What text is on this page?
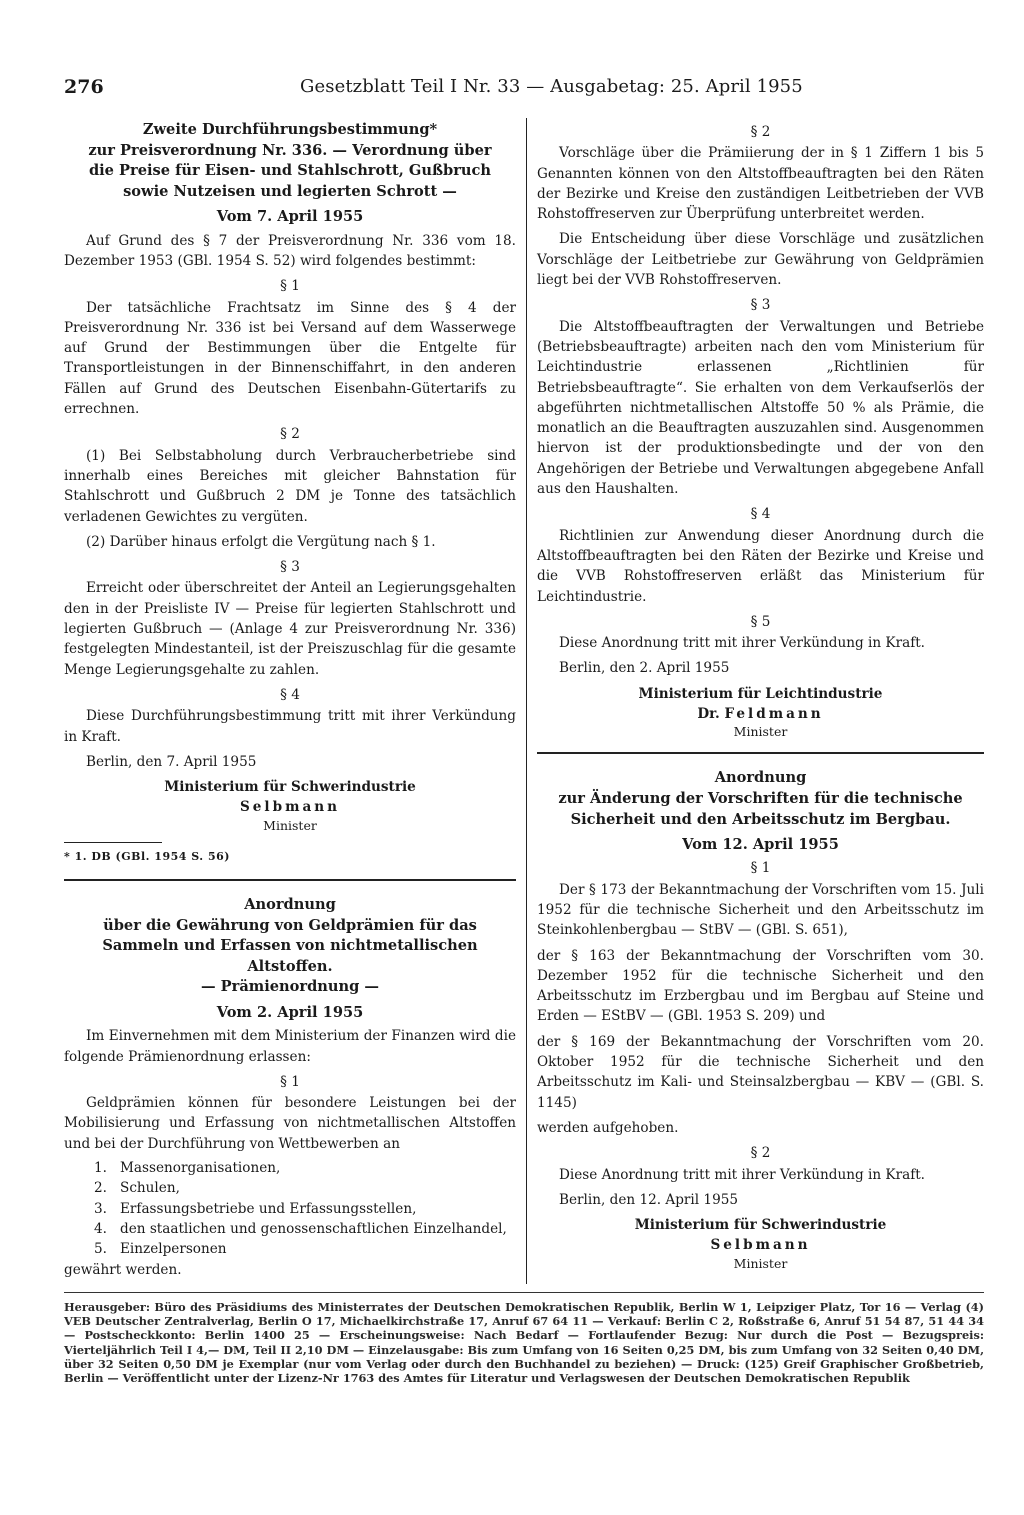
276	Gesetzblatt Teil I Nr. 33 — Ausgabetag: 25. April 1955
Zweite Durchführungsbestimmung*
zur Preisverordnung Nr. 336. — Verordnung über
die Preise für Eisen- und Stahlschrott, Gußbruch
sowie Nutzeisen und legierten Schrott —
Vom 7. April 1955

Auf Grund des § 7 der Preisverordnung Nr. 336 vom 18. Dezember 1953 (GBl. 1954 S. 52) wird folgendes bestimmt:

§ 1

Der tatsächliche Frachtsatz im Sinne des § 4 der Preisverordnung Nr. 336 ist bei Versand auf dem Wasserwege auf Grund der Bestimmungen über die Entgelte für Transportleistungen in der Binnenschiffahrt, in den anderen Fällen auf Grund des Deutschen Eisenbahn-Gütertarifs zu errechnen.

§ 2

(1) Bei Selbstabholung durch Verbraucherbetriebe sind innerhalb eines Bereiches mit gleicher Bahnstation für Stahlschrott und Gußbruch 2 DM je Tonne des tatsächlich verladenen Gewichtes zu vergüten.

(2) Darüber hinaus erfolgt die Vergütung nach § 1.

§ 3

Erreicht oder überschreitet der Anteil an Legierungsgehalten den in der Preisliste IV — Preise für legierten Stahlschrott und legierten Gußbruch — (Anlage 4 zur Preisverordnung Nr. 336) festgelegten Mindestanteil, ist der Preiszuschlag für die gesamte Menge Legierungsgehalte zu zahlen.

§ 4

Diese Durchführungsbestimmung tritt mit ihrer Verkündung in Kraft.

Berlin, den 7. April 1955

Ministerium für Schwerindustrie
Selbmann
Minister
* 1. DB (GBl. 1954 S. 56)
Anordnung
über die Gewährung von Geldprämien für das
Sammeln und Erfassen von nichtmetallischen
Altstoffen.
— Prämienordnung —
Vom 2. April 1955

Im Einvernehmen mit dem Ministerium der Finanzen wird die folgende Prämienordnung erlassen:

§ 1

Geldprämien können für besondere Leistungen bei der Mobilisierung und Erfassung von nichtmetallischen Altstoffen und bei der Durchführung von Wettbewerben an

1. Massenorganisationen,
2. Schulen,
3. Erfassungsbetriebe und Erfassungsstellen,
4. den staatlichen und genossenschaftlichen Einzelhandel,
5. Einzelpersonen

gewährt werden.

§ 2

Vorschläge über die Prämiierung der in § 1 Ziffern 1 bis 5 Genannten können von den Altstoffbeauftragten bei den Räten der Bezirke und Kreise den zuständigen Leitbetrieben der VVB Rohstoffreserven zur Überprüfung unterbreitet werden.

Die Entscheidung über diese Vorschläge und zusätzlichen Vorschläge der Leitbetriebe zur Gewährung von Geldprämien liegt bei der VVB Rohstoffreserven.

§ 3

Die Altstoffbeauftragten der Verwaltungen und Betriebe (Betriebsbeauftragte) arbeiten nach den vom Ministerium für Leichtindustrie erlassenen „Richtlinien für Betriebsbeauftragte“. Sie erhalten von dem Verkaufserlös der abgeführten nichtmetallischen Altstoffe 50 % als Prämie, die monatlich an die Beauftragten auszuzahlen sind. Ausgenommen hiervon ist der produktionsbedingte und der von den Angehörigen der Betriebe und Verwaltungen abgegebene Anfall aus den Haushalten.

§ 4

Richtlinien zur Anwendung dieser Anordnung durch die Altstoffbeauftragten bei den Räten der Bezirke und Kreise und die VVB Rohstoffreserven erläßt das Ministerium für Leichtindustrie.

§ 5

Diese Anordnung tritt mit ihrer Verkündung in Kraft.

Berlin, den 2. April 1955

Ministerium für Leichtindustrie
Dr. Feldmann
Minister
Anordnung
zur Änderung der Vorschriften für die technische
Sicherheit und den Arbeitsschutz im Bergbau.
Vom 12. April 1955
§ 1

Der § 173 der Bekanntmachung der Vorschriften vom 15. Juli 1952 für die technische Sicherheit und den Arbeitsschutz im Steinkohlenbergbau — StBV — (GBl. S. 651),

der § 163 der Bekanntmachung der Vorschriften vom 30. Dezember 1952 für die technische Sicherheit und den Arbeitsschutz im Erzbergbau und im Bergbau auf Steine und Erden — EStBV — (GBl. 1953 S. 209) und

der § 169 der Bekanntmachung der Vorschriften vom 20. Oktober 1952 für die technische Sicherheit und den Arbeitsschutz im Kali- und Steinsalzbergbau — KBV — (GBl. S. 1145)

werden aufgehoben.

§ 2

Diese Anordnung tritt mit ihrer Verkündung in Kraft.

Berlin, den 12. April 1955

Ministerium für Schwerindustrie
Selbmann
Minister
Herausgeber: Büro des Präsidiums des Ministerrates der Deutschen Demokratischen Republik, Berlin W 1, Leipziger Platz, Tor 16 — Verlag (4) VEB Deutscher Zentralverlag, Berlin O 17, Michaelkirchstraße 17, Anruf 67 64 11 — Verkauf: Berlin C 2, Roßstraße 6, Anruf 51 54 87, 51 44 34 — Postscheckkonto: Berlin 1400 25 — Erscheinungsweise: Nach Bedarf — Fortlaufender Bezug: Nur durch die Post — Bezugspreis: Vierteljährlich Teil I 4,— DM, Teil II 2,10 DM — Einzelausgabe: Bis zum Umfang von 16 Seiten 0,25 DM, bis zum Umfang von 32 Seiten 0,40 DM, über 32 Seiten 0,50 DM je Exemplar (nur vom Verlag oder durch den Buchhandel zu beziehen) — Druck: (125) Greif Graphischer Großbetrieb, Berlin — Veröffentlicht unter der Lizenz-Nr 1763 des Amtes für Literatur und Verlagswesen der Deutschen Demokratischen Republik
